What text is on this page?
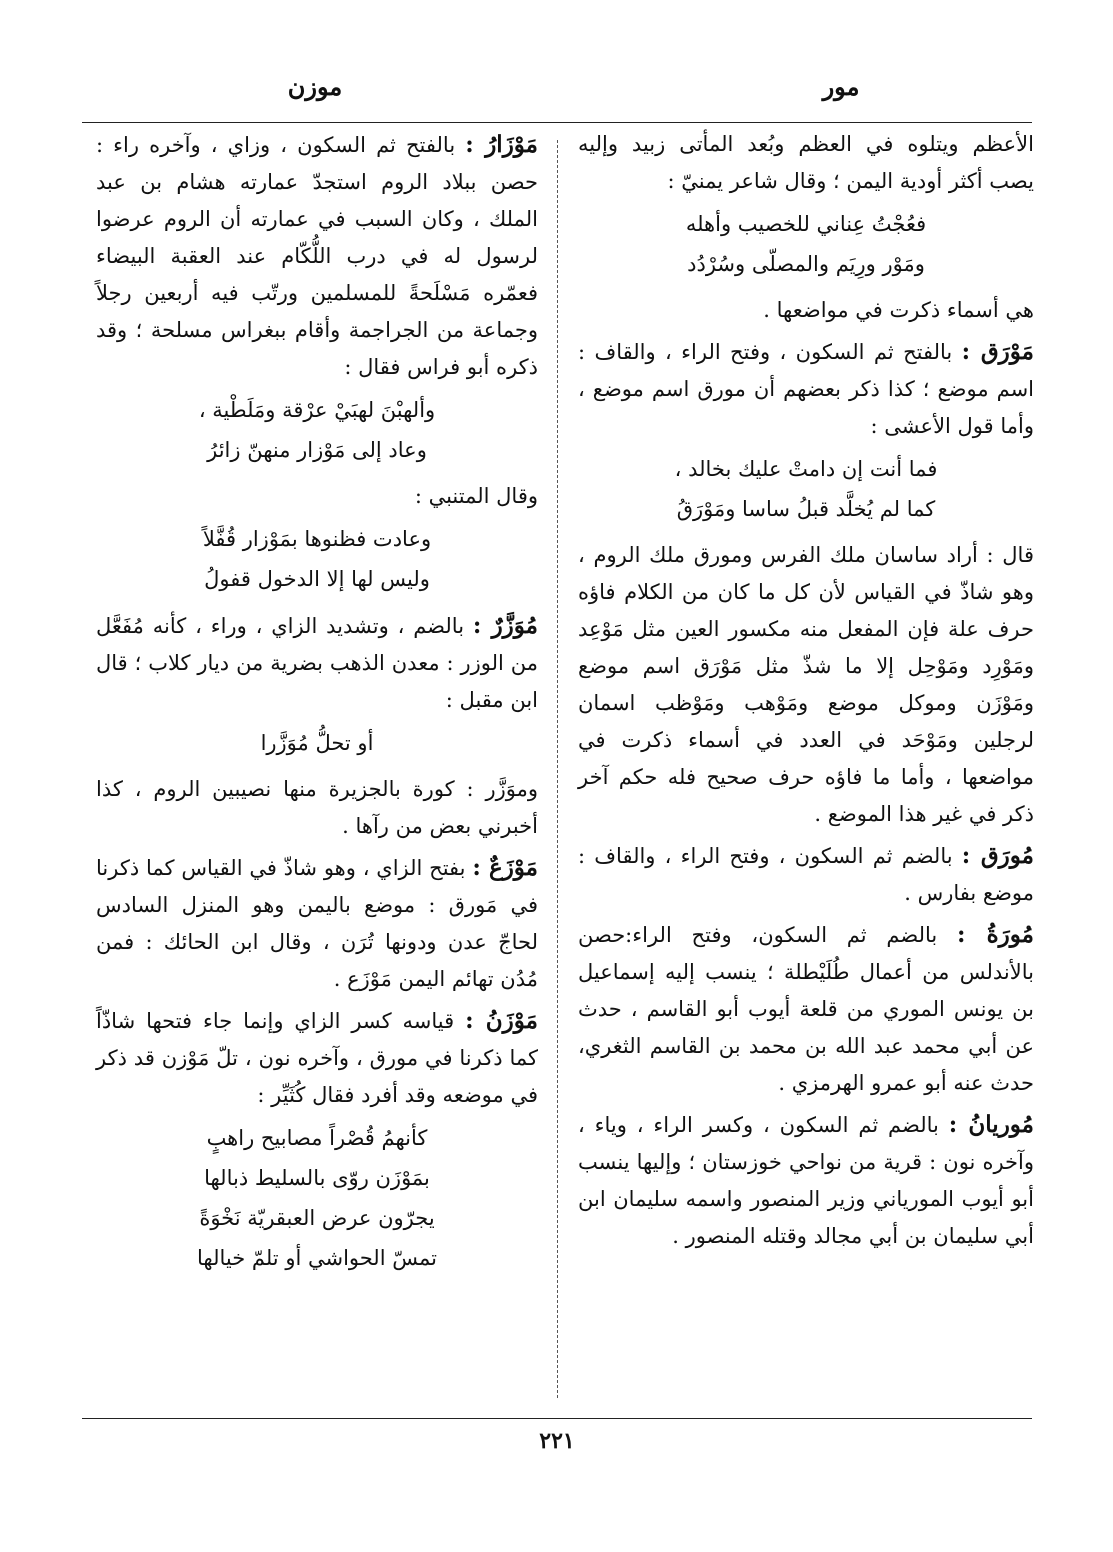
مور
موزن

الأعظم ويتلوه في العظم وبُعد المأتى زبيد وإليه يصب أكثر أودية اليمن ؛ وقال شاعر يمنيّ :

فعُجْتُ عِناني للخصيب وأهله
ومَوْر ورِيَم والمصلّى وسُرْدُد

هي أسماء ذكرت في مواضعها .

مَوْرَق : بالفتح ثم السكون ، وفتح الراء ، والقاف : اسم موضع ؛ كذا ذكر بعضهم أن مورق اسم موضع ، وأما قول الأعشى :

فما أنت إن دامتْ عليك بخالد ،
كما لم يُخلَّد قبلُ ساسا ومَوْرَقُ

قال : أراد ساسان ملك الفرس ومورق ملك الروم ، وهو شاذّ في القياس لأن كل ما كان من الكلام فاؤه حرف علة فإن المفعل منه مكسور العين مثل مَوْعِد ومَوْرِد ومَوْحِل إلا ما شذّ مثل مَوْرَق اسم موضع ومَوْزَن وموكل موضع ومَوْهب ومَوْظب اسمان لرجلين ومَوْحَد في العدد في أسماء ذكرت في مواضعها ، وأما ما فاؤه حرف صحيح فله حكم آخر ذكر في غير هذا الموضع .

مُورَق : بالضم ثم السكون ، وفتح الراء ، والقاف : موضع بفارس .

مُورَةُ : بالضم ثم السكون، وفتح الراء:حصن بالأندلس من أعمال طُلَيْطلة ؛ ينسب إليه إسماعيل بن يونس الموري من قلعة أيوب أبو القاسم ، حدث عن أبي محمد عبد الله بن محمد بن القاسم الثغري، حدث عنه أبو عمرو الهرمزي .

مُوريانُ : بالضم ثم السكون ، وكسر الراء ، وياء ، وآخره نون : قرية من نواحي خوزستان ؛ وإليها ينسب أبو أيوب المورياني وزير المنصور واسمه سليمان ابن أبي سليمان بن أبي مجالد وقتله المنصور .

مَوْزَارُ : بالفتح ثم السكون ، وزاي ، وآخره راء : حصن ببلاد الروم استجدّ عمارته هشام بن عبد الملك ، وكان السبب في عمارته أن الروم عرضوا لرسول له في درب اللُّكّام عند العقبة البيضاء فعمّره مَسْلَحةً للمسلمين ورتّب فيه أربعين رجلاً وجماعة من الجراجمة وأقام ببغراس مسلحة ؛ وقد ذكره أبو فراس فقال :

وألهبْنَ لهبَيْ عرْقة ومَلَطْية ،
وعاد إلى مَوْزار منهنّ زائرُ

وقال المتنبي :

وعادت فظنوها بمَوْزار قُفَّلاً
وليس لها إلا الدخول قفولُ

مُوَزَّرٌ : بالضم ، وتشديد الزاي ، وراء ، كأنه مُفَعَّل من الوزر : معدن الذهب بضرية من ديار كلاب ؛ قال ابن مقبل :

أو تحلُّ مُوَزَّرا

وموَزَّر : كورة بالجزيرة منها نصيبين الروم ، كذا أخبرني بعض من رآها .

مَوْزَعٌ : بفتح الزاي ، وهو شاذّ في القياس كما ذكرنا في مَورق : موضع باليمن وهو المنزل السادس لحاجّ عدن ودونها تُرَن ، وقال ابن الحائك : فمن مُدُن تهائم اليمن مَوْزَع .

مَوْزَنُ : قياسه كسر الزاي وإنما جاء فتحها شاذّاً كما ذكرنا في مورق ، وآخره نون ، تلّ مَوْزن قد ذكر في موضعه وقد أفرد فقال كُثَيِّر :

كأنهمُ قُصْراً مصابيح راهبٍ
بمَوْزَن روّى بالسليط ذبالها
يجرّون عرض العبقريّة نَخْوَةً
تمسّ الحواشي أو تلمّ خيالها
٢٢١
